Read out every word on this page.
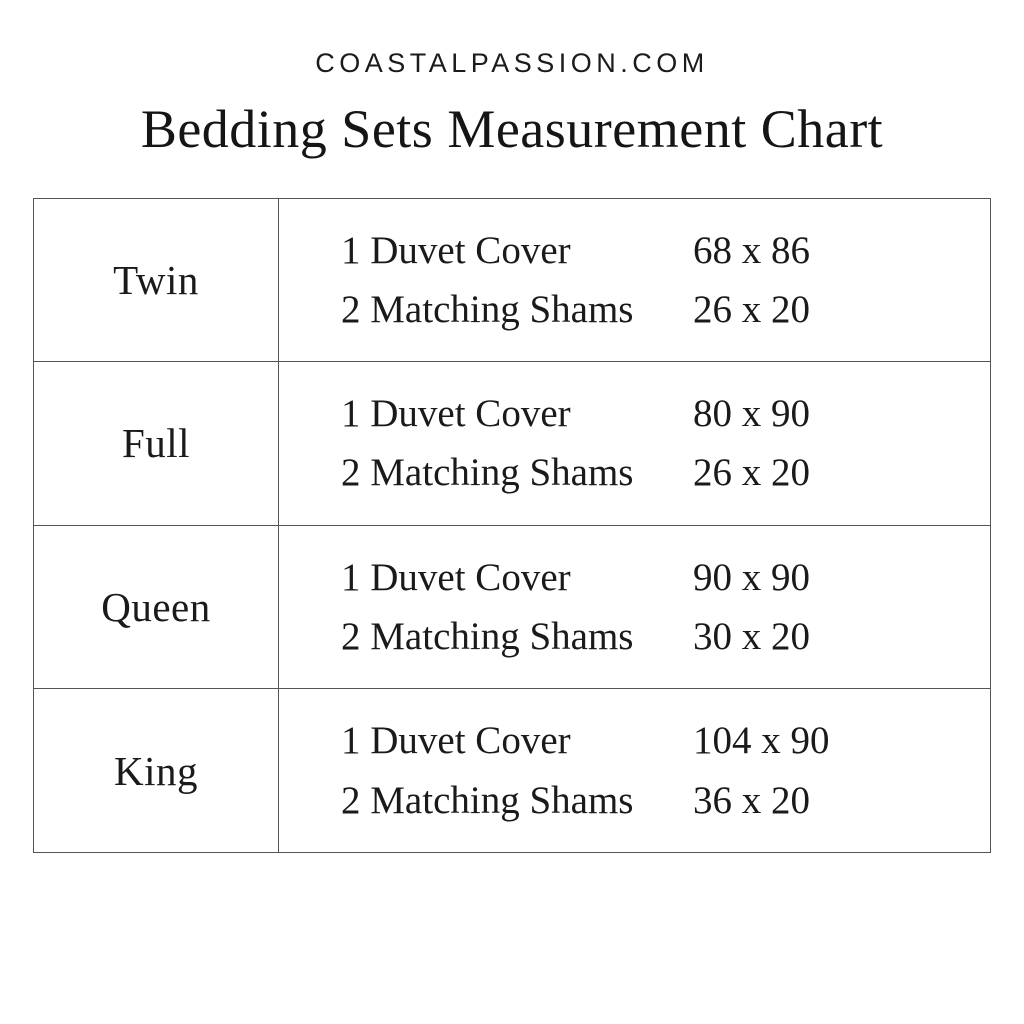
COASTALPASSION.COM
Bedding Sets Measurement Chart
Twin	1 Duvet Cover 68 x 86
2 Matching Shams 26 x 20

Full	1 Duvet Cover 80 x 90
2 Matching Shams 26 x 20

Queen	1 Duvet Cover 90 x 90
2 Matching Shams 30 x 20

King	1 Duvet Cover 104 x 90
2 Matching Shams 36 x 20
